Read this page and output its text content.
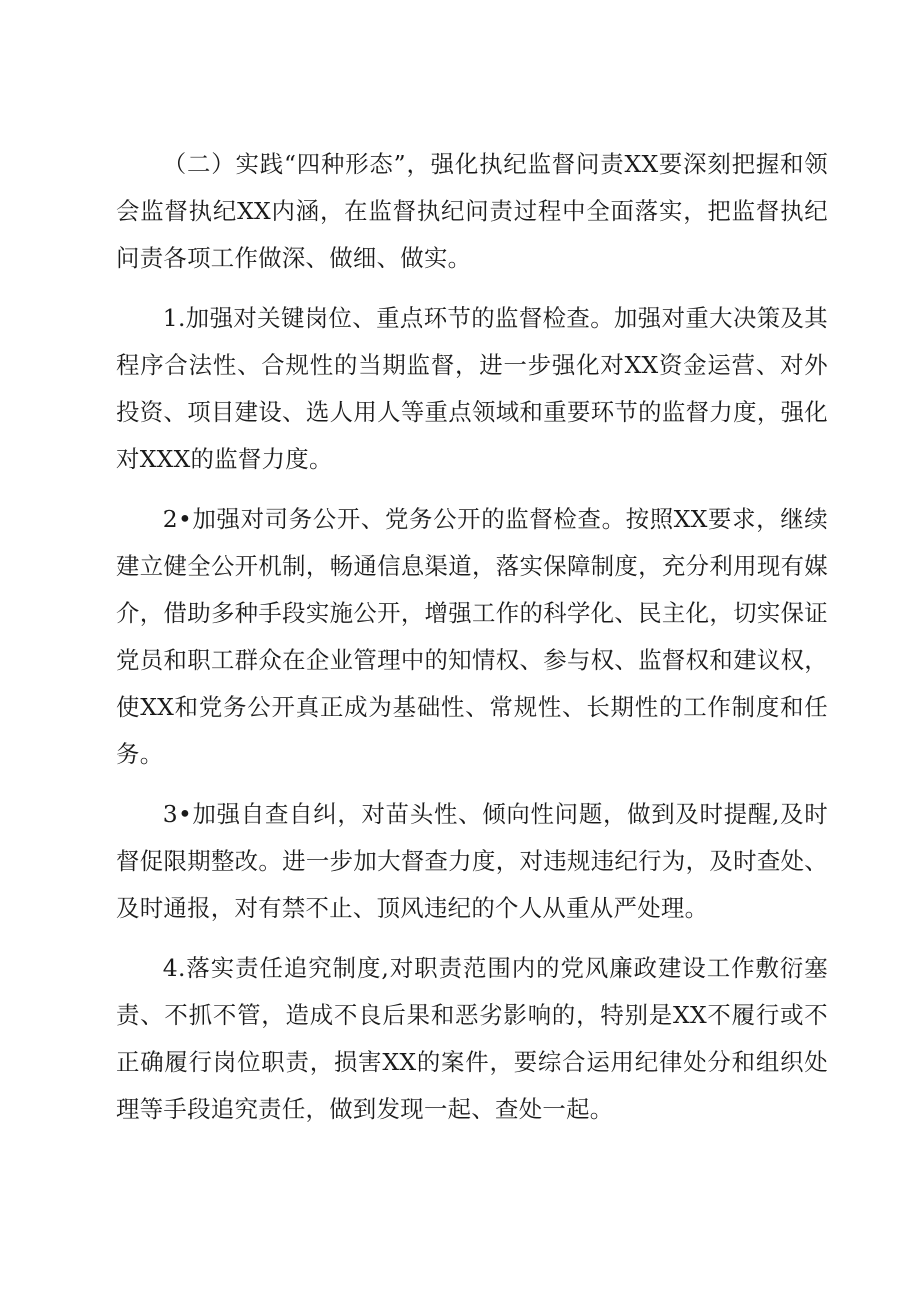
（二）实践“四种形态”，强化执纪监督问责XX要深刻把握和领会监督执纪XX内涵，在监督执纪问责过程中全面落实，把监督执纪问责各项工作做深、做细、做实。

1.加强对关键岗位、重点环节的监督检查。加强对重大决策及其程序合法性、合规性的当期监督，进一步强化对XX资金运营、对外投资、项目建设、选人用人等重点领域和重要环节的监督力度，强化对XXX的监督力度。

2•加强对司务公开、党务公开的监督检查。按照XX要求，继续建立健全公开机制，畅通信息渠道，落实保障制度，充分利用现有媒介，借助多种手段实施公开，增强工作的科学化、民主化，切实保证党员和职工群众在企业管理中的知情权、参与权、监督权和建议权，使XX和党务公开真正成为基础性、常规性、长期性的工作制度和任务。

3•加强自查自纠，对苗头性、倾向性问题，做到及时提醒,及时督促限期整改。进一步加大督查力度，对违规违纪行为，及时查处、及时通报，对有禁不止、顶风违纪的个人从重从严处理。

4.落实责任追究制度,对职责范围内的党风廉政建设工作敷衍塞责、不抓不管，造成不良后果和恶劣影响的，特别是XX不履行或不正确履行岗位职责，损害XX的案件，要综合运用纪律处分和组织处理等手段追究责任，做到发现一起、查处一起。
